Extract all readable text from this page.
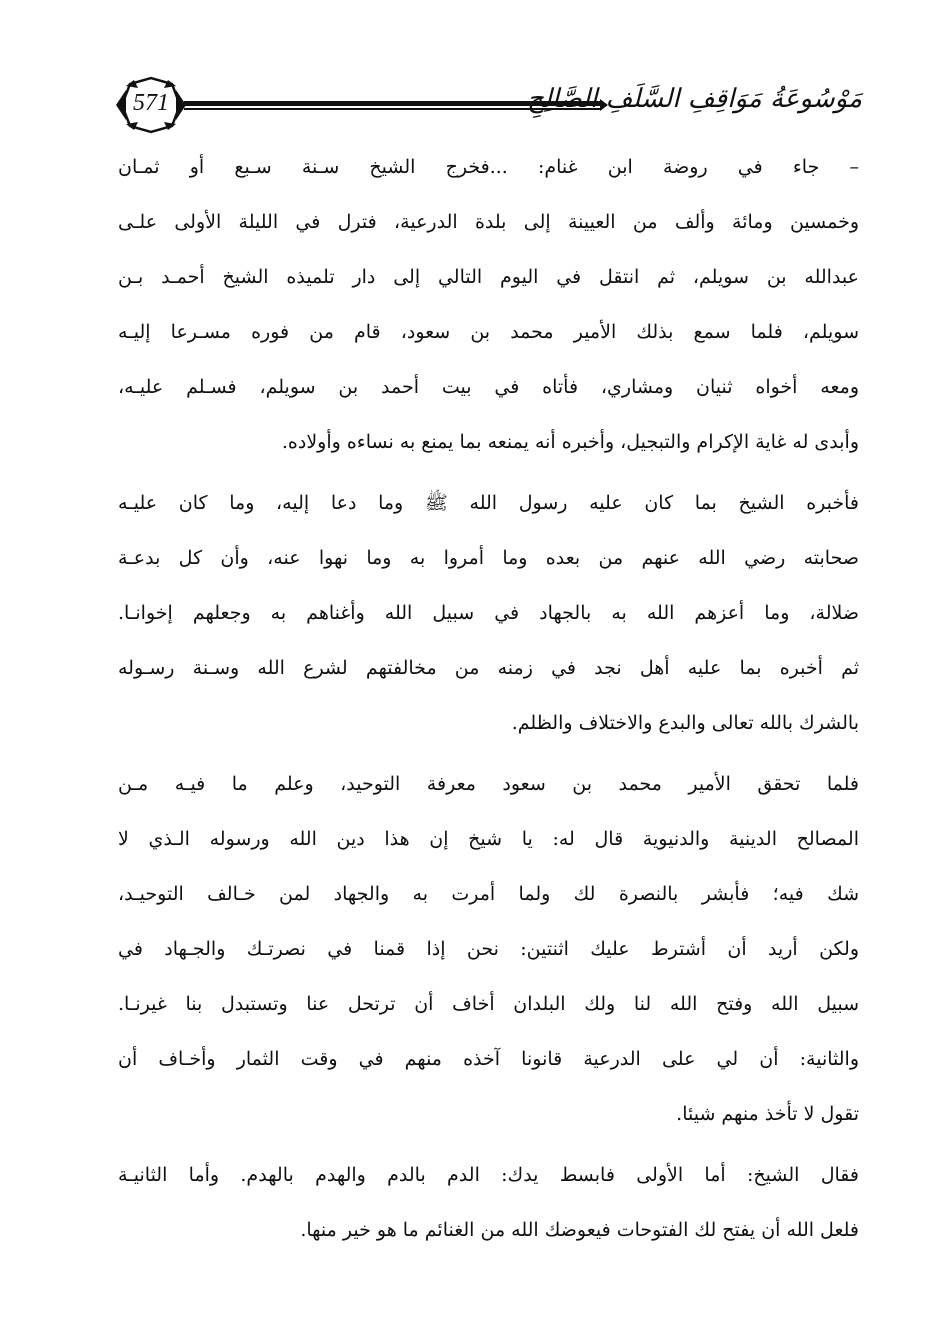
571	مَوْسُوعَةُ مَوَاقِفِ السَّلَفِ الصَّالِحِ
– جاء في روضة ابن غنام: ...فخرج الشيخ سـنة سـبع أو ثمـان
وخمسين ومائة وألف من العيينة إلى بلدة الدرعية، فترل في الليلة الأولى علـى
عبدالله بن سويلم، ثم انتقل في اليوم التالي إلى دار تلميذه الشيخ أحمـد بـن
سويلم، فلما سمع بذلك الأمير محمد بن سعود، قام من فوره مسـرعا إليـه
ومعه أخواه ثنيان ومشاري، فأتاه في بيت أحمد بن سويلم، فسـلم عليـه،
وأبدى له غاية الإكرام والتبجيل، وأخبره أنه يمنعه بما يمنع به نساءه وأولاده.
فأخبره الشيخ بما كان عليه رسول الله ﷺ وما دعا إليه، وما كان عليـه
صحابته رضي الله عنهم من بعده وما أمروا به وما نهوا عنه، وأن كل بدعـة
ضلالة، وما أعزهم الله به بالجهاد في سبيل الله وأغناهم به وجعلهم إخوانـا.
ثم أخبره بما عليه أهل نجد في زمنه من مخالفتهم لشرع الله وسـنة رسـوله
بالشرك بالله تعالى والبدع والاختلاف والظلم.
فلما تحقق الأمير محمد بن سعود معرفة التوحيد، وعلم ما فيـه مـن
المصالح الدينية والدنيوية قال له: يا شيخ إن هذا دين الله ورسوله الـذي لا
شك فيه؛ فأبشر بالنصرة لك ولما أمرت به والجهاد لمن خـالف التوحيـد،
ولكن أريد أن أشترط عليك اثنتين: نحن إذا قمنا في نصرتـك والجـهاد في
سبيل الله وفتح الله لنا ولك البلدان أخاف أن ترتحل عنا وتستبدل بنا غيرنـا.
والثانية: أن لي على الدرعية قانونا آخذه منهم في وقت الثمار وأخـاف أن
تقول لا تأخذ منهم شيئا.
فقال الشيخ: أما الأولى فابسط يدك: الدم بالدم والهدم بالهدم. وأما الثانيـة
فلعل الله أن يفتح لك الفتوحات فيعوضك الله من الغنائم ما هو خير منها.
